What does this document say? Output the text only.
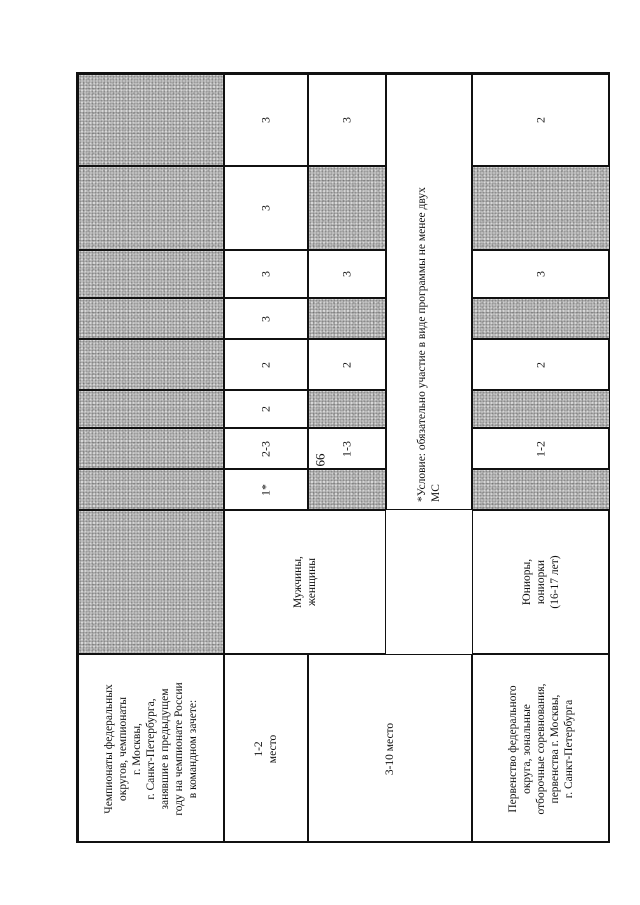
99
Чемпионаты федеральных
округов, чемпионаты
г. Москвы,
г. Санкт-Петербурга,
занявшие в предыдущем
году на чемпионате России
в командном зачете:
1-2 место
Мужчины, женщины
1*
2-3
2
2
3
3
3
3
3-10 место
1-3
2
3
3
*Условие: обязательно участие в виде программы не менее двух
МС
Первенство федерального
округа, зональные
отборочные соревнования,
первенства г. Москвы,
г. Санкт-Петербурга
Юниоры, юниорки
(16-17 лет)
1-2
2
3
2
